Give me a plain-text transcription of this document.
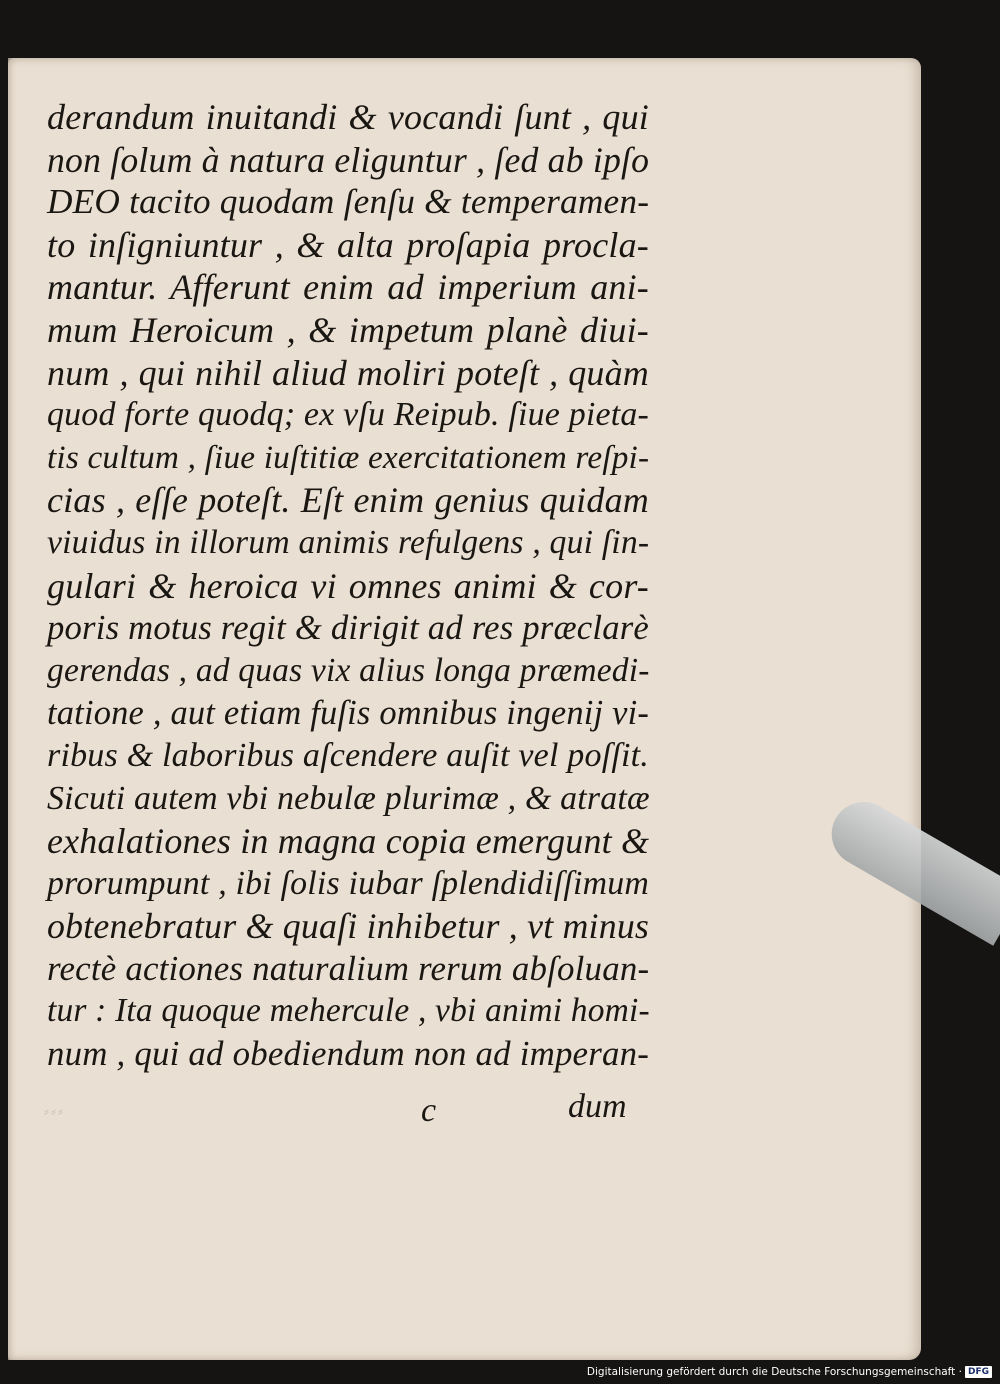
derandum inuitandi & vocandi ſunt , qui
non ſolum à natura eliguntur , ſed ab ipſo
DEO tacito quodam ſenſu & temperamen-
to inſigniuntur , & alta proſapia procla-
mantur. Afferunt enim ad imperium ani-
mum Heroicum , & impetum planè diui-
num , qui nihil aliud moliri poteſt , quàm
quod forte quodq; ex vſu Reipub. ſiue pieta-
tis cultum , ſiue iuſtitiæ exercitationem reſpi-
cias , eſſe poteſt. Eſt enim genius quidam
viuidus in illorum animis refulgens , qui ſin-
gulari & heroica vi omnes animi & cor-
poris motus regit & dirigit ad res præclarè
gerendas , ad quas vix alius longa præmedi-
tatione , aut etiam fuſis omnibus ingenij vi-
ribus & laboribus aſcendere auſit vel poſſit.
Sicuti autem vbi nebulæ plurimæ , & atratæ
exhalationes in magna copia emergunt &
prorumpunt , ibi ſolis iubar ſplendidiſſimum
obtenebratur & quaſi inhibetur , vt minus
rectè actiones naturalium rerum abſoluan-
tur : Ita quoque mehercule , vbi animi homi-
num , qui ad obediendum non ad imperan-
⸗⸗⸗	c	dum
Digitalisierung gefördert durch die Deutsche Forschungsgemeinschaft · DFG
